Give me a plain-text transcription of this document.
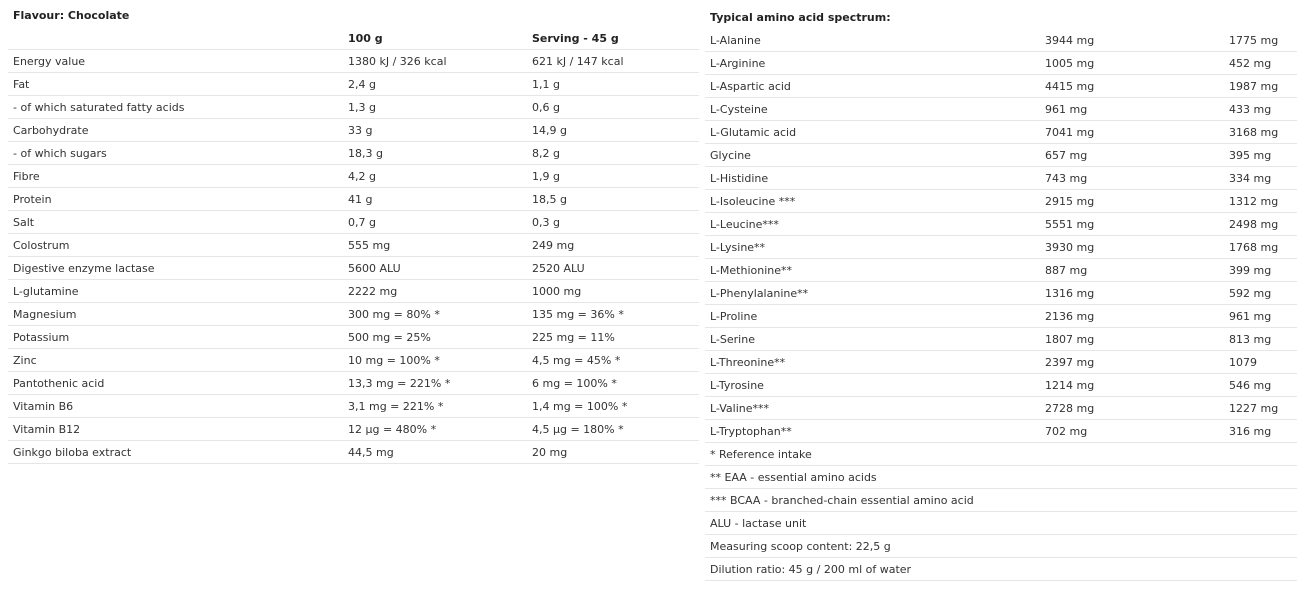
Flavour: Chocolate
	100 g	Serving - 45 g
Energy value	1380 kJ / 326 kcal	621 kJ / 147 kcal
Fat	2,4 g	1,1 g
- of which saturated fatty acids	1,3 g	0,6 g
Carbohydrate	33 g	14,9 g
- of which sugars	18,3 g	8,2 g
Fibre	4,2 g	1,9 g
Protein	41 g	18,5 g
Salt	0,7 g	0,3 g
Colostrum	555 mg	249 mg
Digestive enzyme lactase	5600 ALU	2520 ALU
L-glutamine	2222 mg	1000 mg
Magnesium	300 mg = 80% *	135 mg = 36% *
Potassium	500 mg = 25%	225 mg = 11%
Zinc	10 mg = 100% *	4,5 mg = 45% *
Pantothenic acid	13,3 mg = 221% *	6 mg = 100% *
Vitamin B6	3,1 mg = 221% *	1,4 mg = 100% *
Vitamin B12	12 µg = 480% *	4,5 µg = 180% *
Ginkgo biloba extract	44,5 mg	20 mg
Typical amino acid spectrum:
L-Alanine	3944 mg	1775 mg
L-Arginine	1005 mg	452 mg
L-Aspartic acid	4415 mg	1987 mg
L-Cysteine	961 mg	433 mg
L-Glutamic acid	7041 mg	3168 mg
Glycine	657 mg	395 mg
L-Histidine	743 mg	334 mg
L-Isoleucine ***	2915 mg	1312 mg
L-Leucine***	5551 mg	2498 mg
L-Lysine**	3930 mg	1768 mg
L-Methionine**	887 mg	399 mg
L-Phenylalanine**	1316 mg	592 mg
L-Proline	2136 mg	961 mg
L-Serine	1807 mg	813 mg
L-Threonine**	2397 mg	1079
L-Tyrosine	1214 mg	546 mg
L-Valine***	2728 mg	1227 mg
L-Tryptophan**	702 mg	316 mg
* Reference intake		
** EAA - essential amino acids		
*** BCAA - branched-chain essential amino acid		
ALU - lactase unit		
Measuring scoop content: 22,5 g		
Dilution ratio: 45 g / 200 ml of water		
